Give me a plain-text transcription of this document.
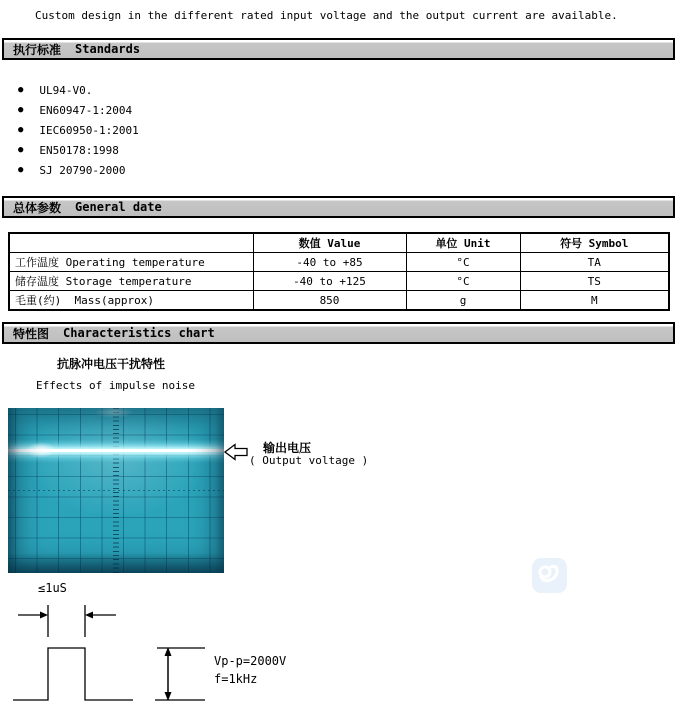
Custom design in the different rated input voltage and the output current are available.
执行标准 Standards
● UL94-V0.
● EN60947-1:2004
● IEC60950-1:2001
● EN50178:1998
● SJ 20790-2000
总体参数 General date
	数值 Value	单位 Unit	符号 Symbol
工作温度 Operating temperature	-40 to +85	°C	TA
储存温度 Storage temperature	-40 to +125	°C	TS
毛重(约)  Mass(approx)	850	g	M
特性图 Characteristics chart
抗脉冲电压干扰特性
Effects of impulse noise
输出电压
( Output voltage )
≤1uS
Vp-p=2000V
f=1kHz
